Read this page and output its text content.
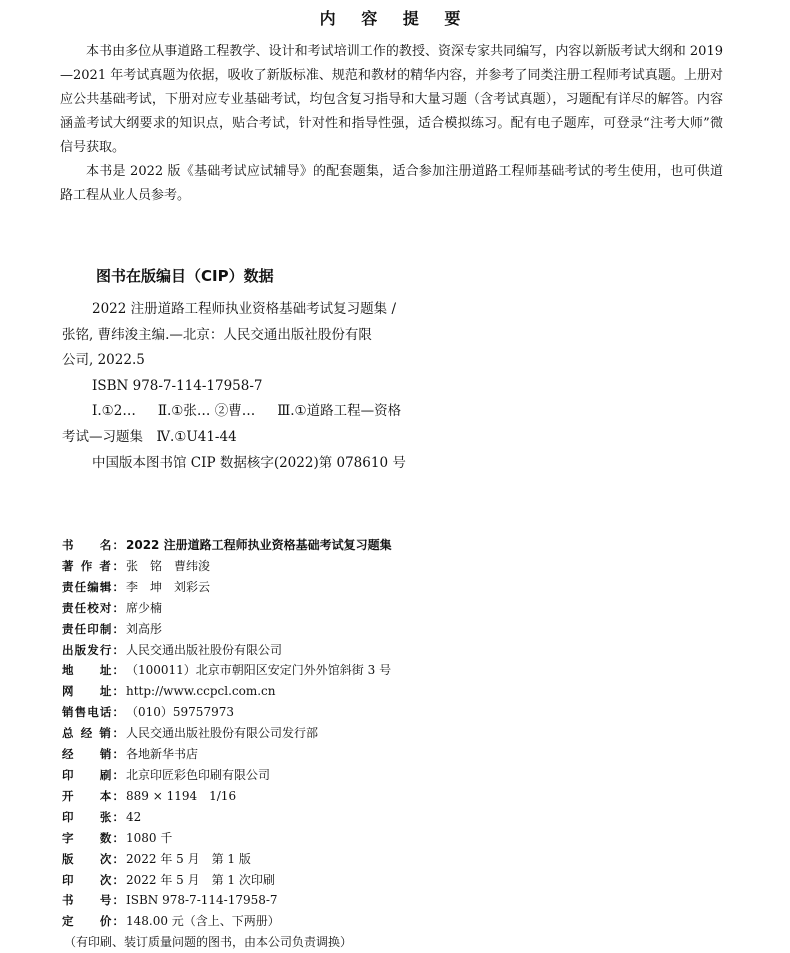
内 容 提 要

本书由多位从事道路工程教学、设计和考试培训工作的教授、资深专家共同编写，内容以新版考试大纲和 2019—2021 年考试真题为依据，吸收了新版标准、规范和教材的精华内容，并参考了同类注册工程师考试真题。上册对应公共基础考试，下册对应专业基础考试，均包含复习指导和大量习题（含考试真题），习题配有详尽的解答。内容涵盖考试大纲要求的知识点，贴合考试，针对性和指导性强，适合模拟练习。配有电子题库，可登录“注考大师”微信号获取。

本书是 2022 版《基础考试应试辅导》的配套题集，适合参加注册道路工程师基础考试的考生使用，也可供道路工程从业人员参考。

图书在版编目（CIP）数据
2022 注册道路工程师执业资格基础考试复习题集 /
张铭, 曹纬浚主编.—北京：人民交通出版社股份有限
公司, 2022.5
ISBN 978-7-114-17958-7
Ⅰ.①2… Ⅱ.①张… ②曹… Ⅲ.①道路工程—资格
考试—习题集　Ⅳ.①U41-44
中国版本图书馆 CIP 数据核字(2022)第 078610 号
书　　名： 2022 注册道路工程师执业资格基础考试复习题集
著 作 者： 张　铭　曹纬浚
责任编辑： 李　坤　刘彩云
责任校对： 席少楠
责任印制： 刘高彤
出版发行： 人民交通出版社股份有限公司
地　　址： （100011）北京市朝阳区安定门外外馆斜街 3 号
网　　址： http://www.ccpcl.com.cn
销售电话： （010）59757973
总 经 销： 人民交通出版社股份有限公司发行部
经　　销： 各地新华书店
印　　刷： 北京印匠彩色印刷有限公司
开　　本： 889 × 1194　1/16
印　　张： 42
字　　数： 1080 千
版　　次： 2022 年 5 月　第 1 版
印　　次： 2022 年 5 月　第 1 次印刷
书　　号： ISBN 978-7-114-17958-7
定　　价： 148.00 元（含上、下两册）
（有印刷、装订质量问题的图书，由本公司负责调换）
